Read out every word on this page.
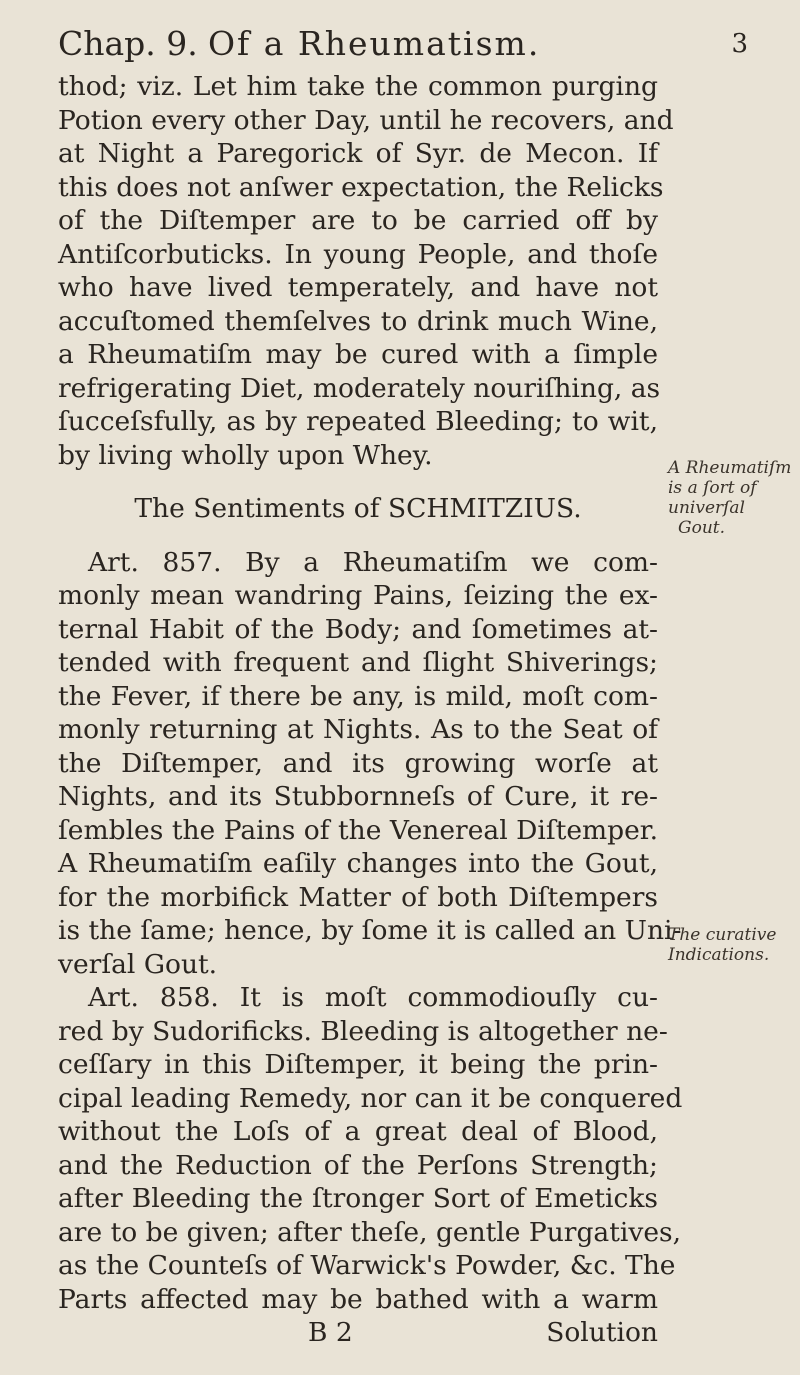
Chap. 9. Of a Rheumatism.	3
thod; viz. Let him take the common purging
Potion every other Day, until he recovers, and
at Night a Paregorick of Syr. de Mecon. If
this does not anſwer expectation, the Relicks
of the Diſtemper are to be carried off by
Antiſcorbuticks. In young People, and thoſe
who have lived temperately, and have not
accuſtomed themſelves to drink much Wine,
a Rheumatiſm may be cured with a ſimple
refrigerating Diet, moderately nouriſhing, as
ſucceſsfully, as by repeated Bleeding; to wit,
by living wholly upon Whey.
The Sentiments of SCHMITZIUS.
Art. 857. By a Rheumatiſm we com-
monly mean wandring Pains, ſeizing the ex-
ternal Habit of the Body; and ſometimes at-
tended with frequent and ſlight Shiverings;
the Fever, if there be any, is mild, moſt com-
monly returning at Nights. As to the Seat of
the Diſtemper, and its growing worſe at
Nights, and its Stubbornneſs of Cure, it re-
ſembles the Pains of the Venereal Diſtemper.
A Rheumatiſm eaſily changes into the Gout,
for the morbifick Matter of both Diſtempers
is the ſame; hence, by ſome it is called an Uni-
verſal Gout.
Art. 858. It is moſt commodiouſly cu-
red by Sudorificks. Bleeding is altogether ne-
ceſſary in this Diſtemper, it being the prin-
cipal leading Remedy, nor can it be conquered
without the Loſs of a great deal of Blood,
and the Reduction of the Perſons Strength;
after Bleeding the ſtronger Sort of Emeticks
are to be given; after theſe, gentle Purgatives,
as the Counteſs of Warwick's Powder, &c. The
Parts affected may be bathed with a warm
B 2	Solution
A Rheumatiſm
is a ſort of
univerſal
Gout.
The curative
Indications.
